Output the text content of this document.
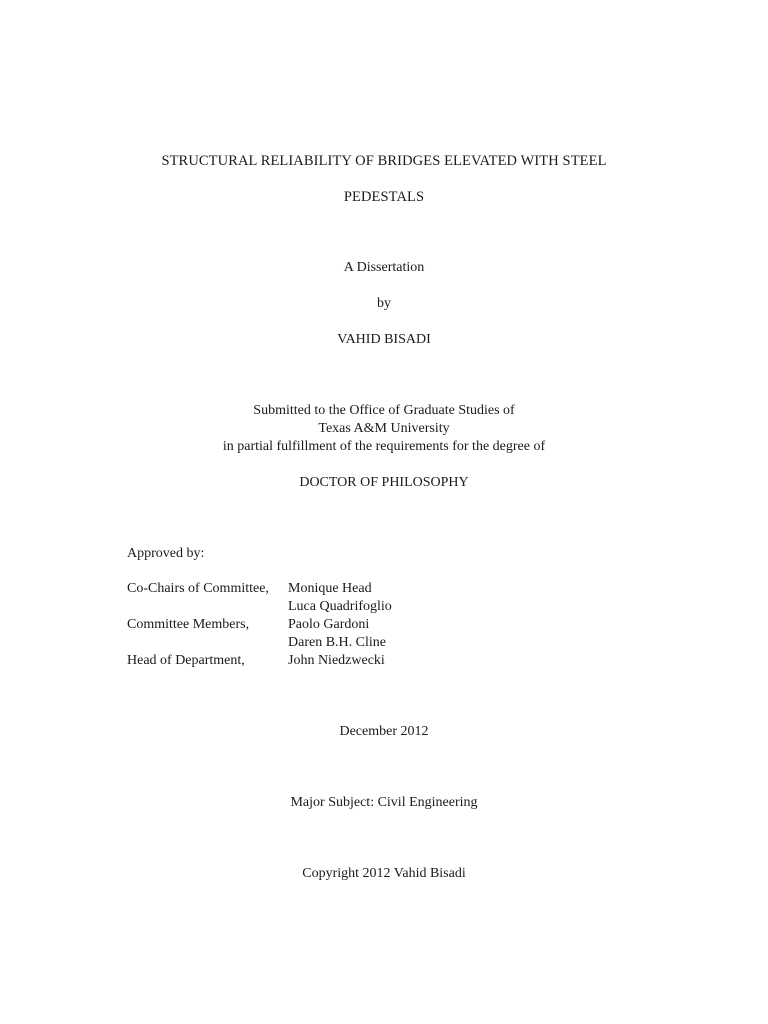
STRUCTURAL RELIABILITY OF BRIDGES ELEVATED WITH STEEL
PEDESTALS
A Dissertation
by
VAHID BISADI
Submitted to the Office of Graduate Studies of
Texas A&M University
in partial fulfillment of the requirements for the degree of
DOCTOR OF PHILOSOPHY
Approved by:
Co-Chairs of Committee, Monique Head
Luca Quadrifoglio
Committee Members,	Paolo Gardoni
Daren B.H. Cline
Head of Department,	John Niedzwecki
December 2012
Major Subject: Civil Engineering
Copyright 2012 Vahid Bisadi
